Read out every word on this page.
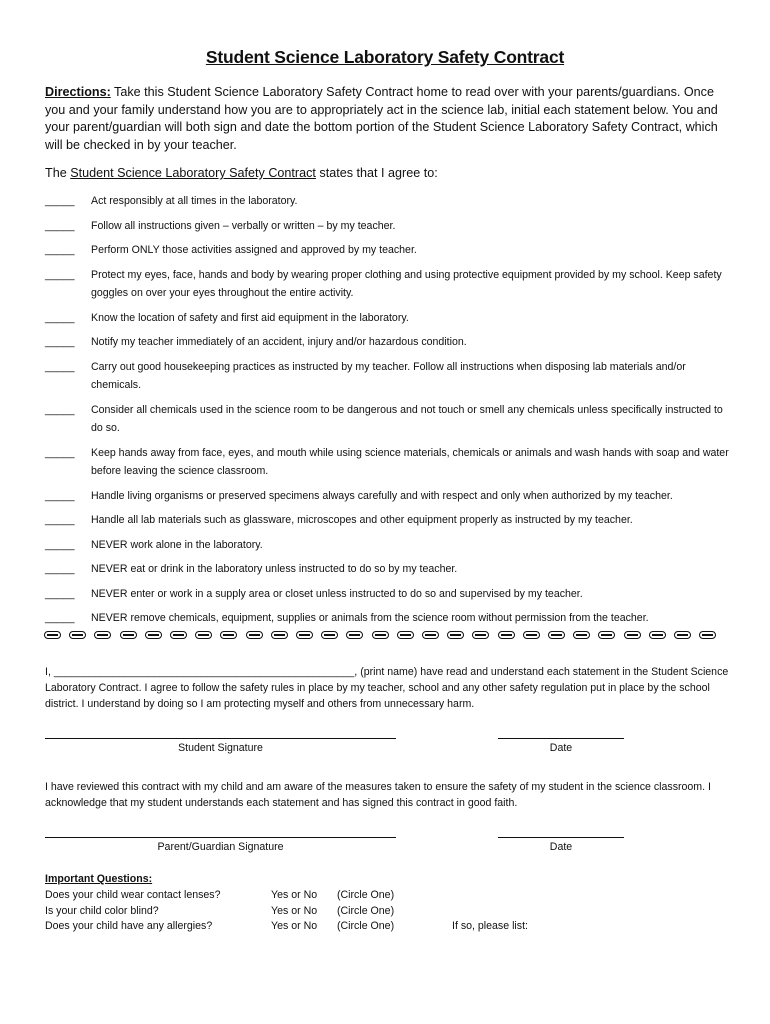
Student Science Laboratory Safety Contract
Directions: Take this Student Science Laboratory Safety Contract home to read over with your parents/guardians. Once you and your family understand how you are to appropriately act in the science lab, initial each statement below. You and your parent/guardian will both sign and date the bottom portion of the Student Science Laboratory Safety Contract, which will be checked in by your teacher.
The Student Science Laboratory Safety Contract states that I agree to:
_____	Act responsibly at all times in the laboratory.
_____	Follow all instructions given – verbally or written – by my teacher.
_____	Perform ONLY those activities assigned and approved by my teacher.
_____	Protect my eyes, face, hands and body by wearing proper clothing and using protective equipment provided by my school. Keep safety goggles on over your eyes throughout the entire activity.
_____	Know the location of safety and first aid equipment in the laboratory.
_____	Notify my teacher immediately of an accident, injury and/or hazardous condition.
_____	Carry out good housekeeping practices as instructed by my teacher. Follow all instructions when disposing lab materials and/or chemicals.
_____	Consider all chemicals used in the science room to be dangerous and not touch or smell any chemicals unless specifically instructed to do so.
_____	Keep hands away from face, eyes, and mouth while using science materials, chemicals or animals and wash hands with soap and water before leaving the science classroom.
_____	Handle living organisms or preserved specimens always carefully and with respect and only when authorized by my teacher.
_____	Handle all lab materials such as glassware, microscopes and other equipment properly as instructed by my teacher.
_____	NEVER work alone in the laboratory.
_____	NEVER eat or drink in the laboratory unless instructed to do so by my teacher.
_____	NEVER enter or work in a supply area or closet unless instructed to do so and supervised by my teacher.
_____	NEVER remove chemicals, equipment, supplies or animals from the science room without permission from the teacher.
I, ___________________________________________________, (print name) have read and understand each statement in the Student Science Laboratory Contract. I agree to follow the safety rules in place by my teacher, school and any other safety regulation put in place by the school district. I understand by doing so I am protecting myself and others from unnecessary harm.
Student Signature	Date
I have reviewed this contract with my child and am aware of the measures taken to ensure the safety of my student in the science classroom. I acknowledge that my student understands each statement and has signed this contract in good faith.
Parent/Guardian Signature	Date
Important Questions:
Does your child wear contact lenses?	Yes or No (Circle One)
Is your child color blind?	Yes or No (Circle One)
Does your child have any allergies?	Yes or No (Circle One)	If so, please list:
